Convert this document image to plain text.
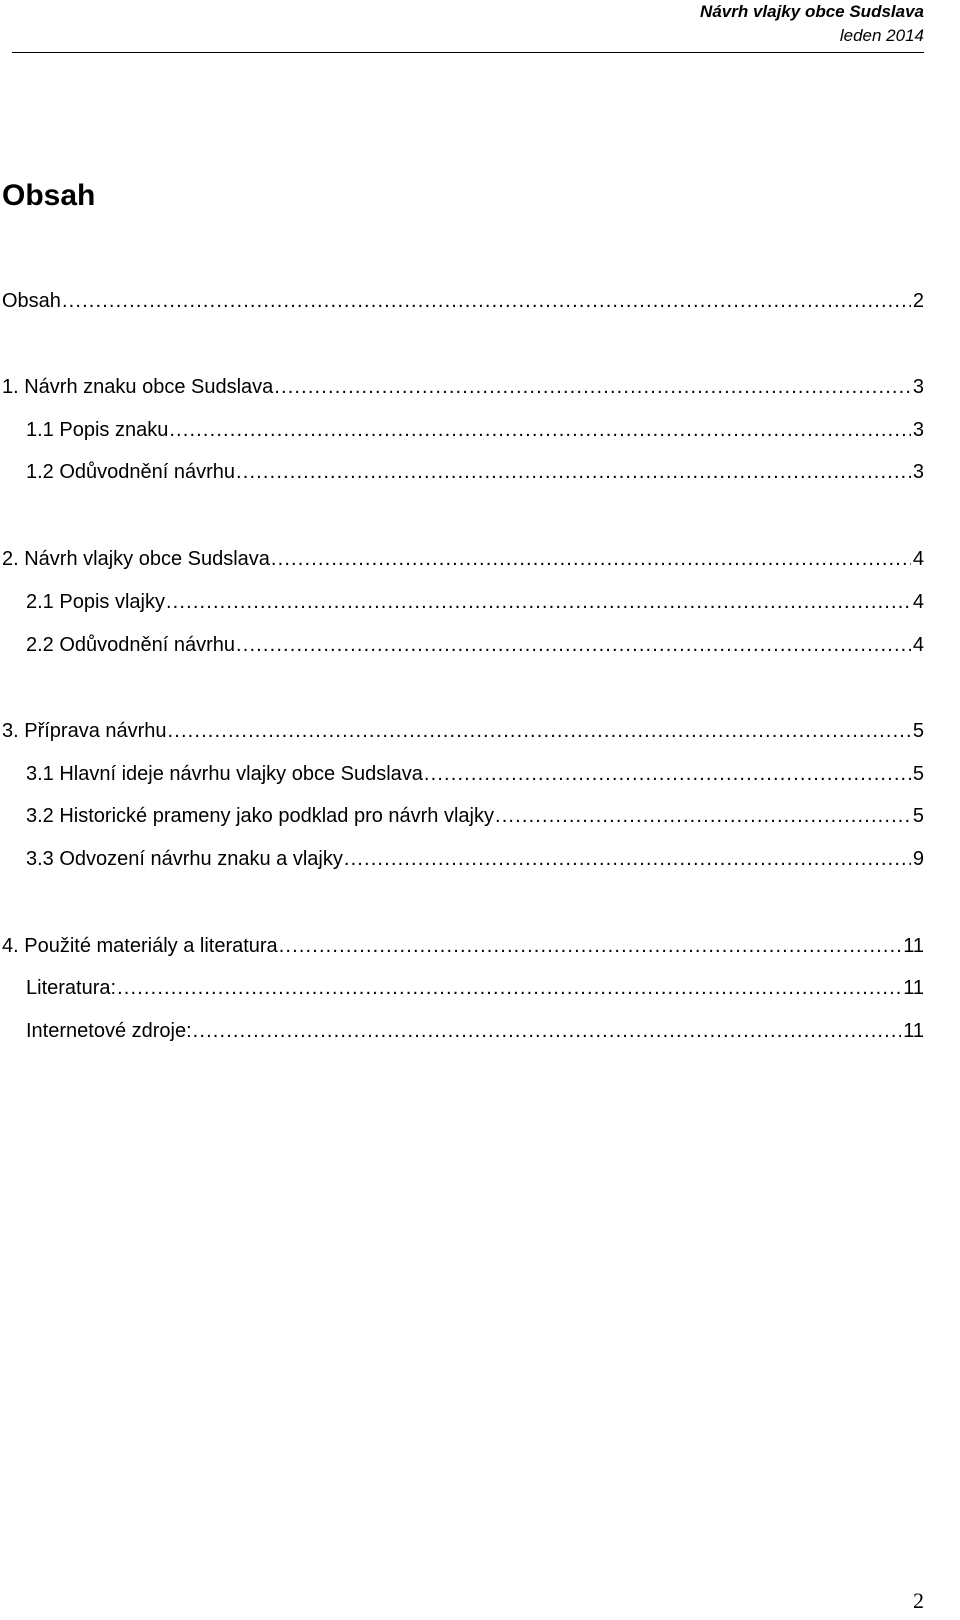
Návrh vlajky obce Sudslava
leden 2014
Obsah
Obsah . . .	2
1. Návrh znaku obce Sudslava . . .	3
1.1 Popis znaku . . .	3
1.2 Odůvodnění návrhu . . .	3
2. Návrh vlajky obce Sudslava . . .	4
2.1 Popis vlajky . . .	4
2.2 Odůvodnění návrhu . . .	4
3. Příprava návrhu . . .	5
3.1 Hlavní ideje návrhu vlajky obce Sudslava . . .	5
3.2 Historické prameny jako podklad pro návrh vlajky . . .	5
3.3 Odvození návrhu znaku a vlajky . . .	9
4. Použité materiály a literatura . . .	11
Literatura: . . .	11
Internetové zdroje: . . .	11
2
